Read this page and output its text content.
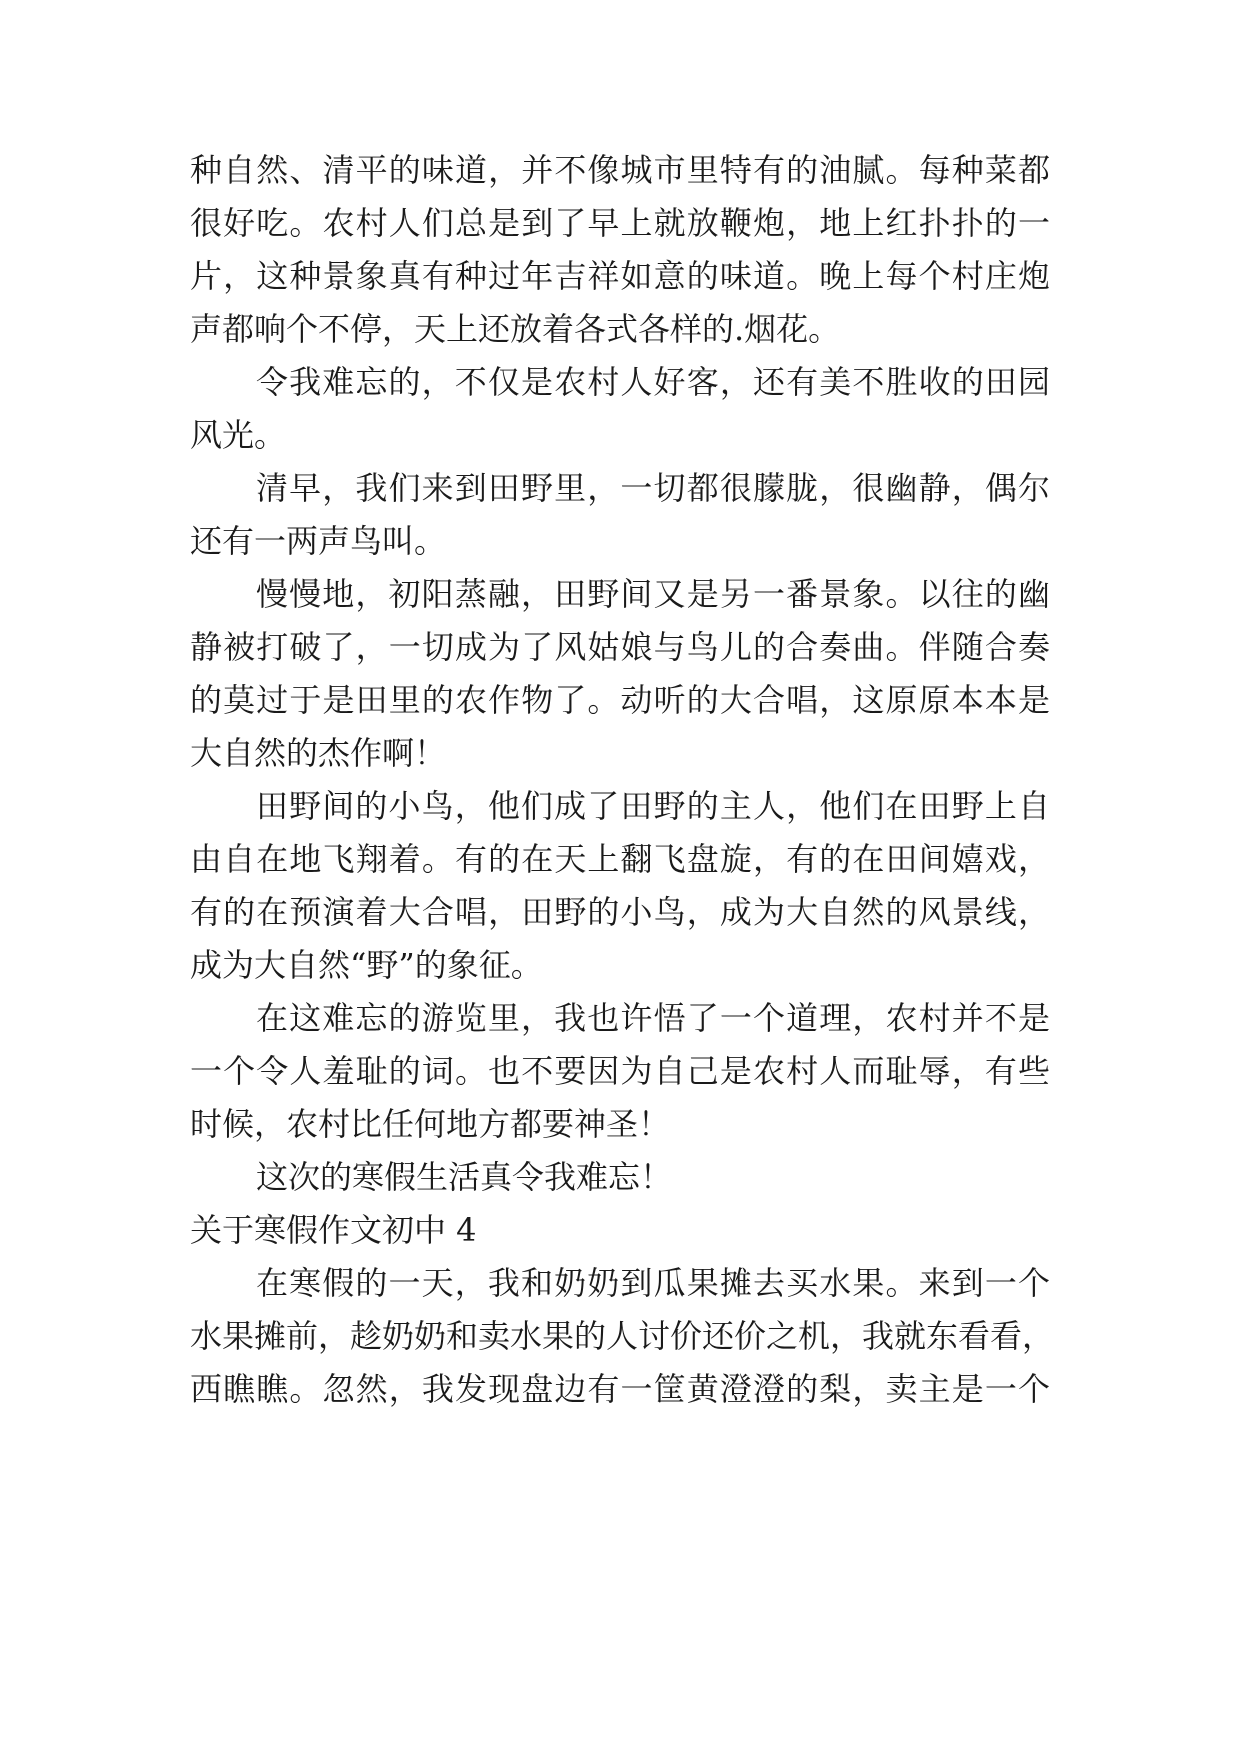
种自然、清平的味道，并不像城市里特有的油腻。每种菜都
很好吃。农村人们总是到了早上就放鞭炮，地上红扑扑的一
片，这种景象真有种过年吉祥如意的味道。晚上每个村庄炮
声都响个不停，天上还放着各式各样的.烟花。
令我难忘的，不仅是农村人好客，还有美不胜收的田园
风光。
清早，我们来到田野里，一切都很朦胧，很幽静，偶尔
还有一两声鸟叫。
慢慢地，初阳蒸融，田野间又是另一番景象。以往的幽
静被打破了，一切成为了风姑娘与鸟儿的合奏曲。伴随合奏
的莫过于是田里的农作物了。动听的大合唱，这原原本本是
大自然的杰作啊！
田野间的小鸟，他们成了田野的主人，他们在田野上自
由自在地飞翔着。有的在天上翻飞盘旋，有的在田间嬉戏，
有的在预演着大合唱，田野的小鸟，成为大自然的风景线，
成为大自然“野”的象征。
在这难忘的游览里，我也许悟了一个道理，农村并不是
一个令人羞耻的词。也不要因为自己是农村人而耻辱，有些
时候，农村比任何地方都要神圣！
这次的寒假生活真令我难忘！
关于寒假作文初中 4
在寒假的一天，我和奶奶到瓜果摊去买水果。来到一个
水果摊前，趁奶奶和卖水果的人讨价还价之机，我就东看看，
西瞧瞧。忽然，我发现盘边有一筐黄澄澄的梨，卖主是一个
